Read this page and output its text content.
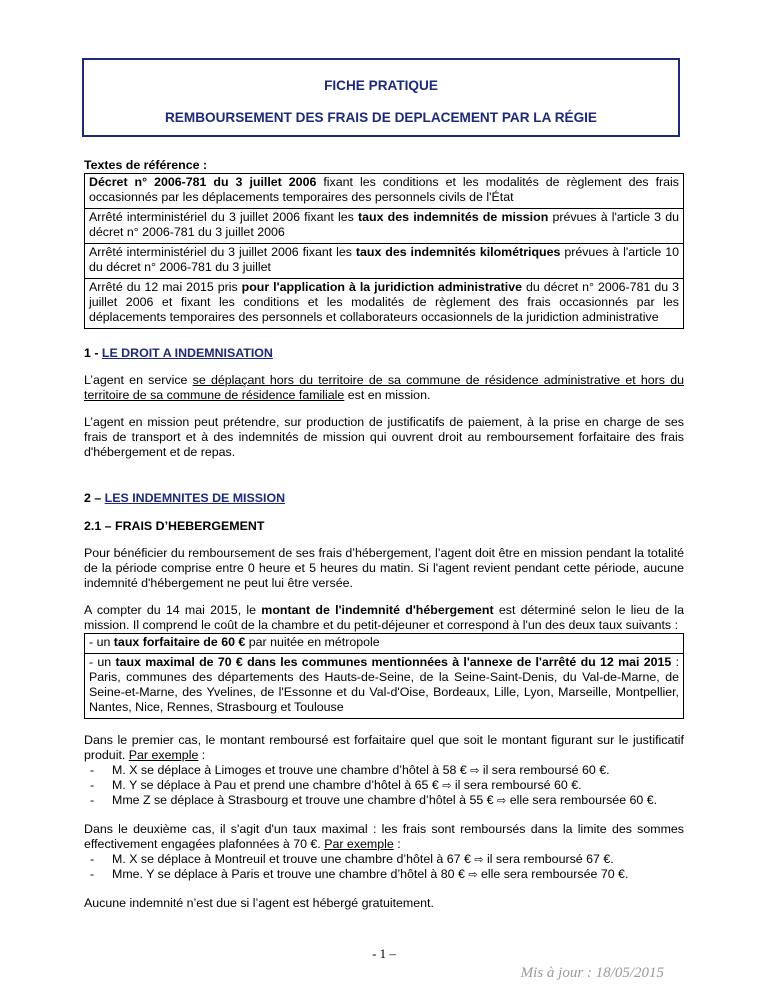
FICHE PRATIQUE
REMBOURSEMENT DES FRAIS DE DEPLACEMENT PAR LA RÉGIE
Textes de référence :
Décret n° 2006-781 du 3 juillet 2006 fixant les conditions et les modalités de règlement des frais occasionnés par les déplacements temporaires des personnels civils de l'État
Arrêté interministériel du 3 juillet 2006 fixant les taux des indemnités de mission prévues à l'article 3 du décret n° 2006-781 du 3 juillet 2006
Arrêté interministériel du 3 juillet 2006 fixant les taux des indemnités kilométriques prévues à l'article 10 du décret n° 2006-781 du 3 juillet
Arrêté du 12 mai 2015 pris pour l'application à la juridiction administrative du décret n° 2006-781 du 3 juillet 2006 et fixant les conditions et les modalités de règlement des frais occasionnés par les déplacements temporaires des personnels et collaborateurs occasionnels de la juridiction administrative
1 - LE DROIT A INDEMNISATION
L’agent en service se déplaçant hors du territoire de sa commune de résidence administrative et hors du territoire de sa commune de résidence familiale est en mission.
L’agent en mission peut prétendre, sur production de justificatifs de paiement, à la prise en charge de ses frais de transport et à des indemnités de mission qui ouvrent droit au remboursement forfaitaire des frais d'hébergement et de repas.
2 – LES INDEMNITES DE MISSION
2.1 – FRAIS D’HEBERGEMENT
Pour bénéficier du remboursement de ses frais d’hébergement, l’agent doit être en mission pendant la totalité de la période comprise entre 0 heure et 5 heures du matin. Si l'agent revient pendant cette période, aucune indemnité d'hébergement ne peut lui être versée.
A compter du 14 mai 2015, le montant de l'indemnité d'hébergement est déterminé selon le lieu de la mission. Il comprend le coût de la chambre et du petit-déjeuner et correspond à l'un des deux taux suivants :
- un taux forfaitaire de 60 € par nuitée en métropole
- un taux maximal de 70 € dans les communes mentionnées à l'annexe de l'arrêté du 12 mai 2015 : Paris, communes des départements des Hauts-de-Seine, de la Seine-Saint-Denis, du Val-de-Marne, de Seine-et-Marne, des Yvelines, de l'Essonne et du Val-d'Oise, Bordeaux, Lille, Lyon, Marseille, Montpellier, Nantes, Nice, Rennes, Strasbourg et Toulouse
Dans le premier cas, le montant remboursé est forfaitaire quel que soit le montant figurant sur le justificatif produit. Par exemple :
- M. X se déplace à Limoges et trouve une chambre d’hôtel à 58 € ⇨ il sera remboursé 60 €.
- M. Y se déplace à Pau et prend une chambre d’hôtel à 65 € ⇨ il sera remboursé 60 €.
- Mme Z se déplace à Strasbourg et trouve une chambre d’hôtel à 55 € ⇨ elle sera remboursée 60 €.
Dans le deuxième cas, il s'agit d'un taux maximal : les frais sont remboursés dans la limite des sommes effectivement engagées plafonnées à 70 €. Par exemple :
- M. X se déplace à Montreuil et trouve une chambre d’hôtel à 67 € ⇨ il sera remboursé 67 €.
- Mme. Y se déplace à Paris et trouve une chambre d’hôtel à 80 € ⇨ elle sera remboursée 70 €.
Aucune indemnité n’est due si l’agent est hébergé gratuitement.
- 1 –
Mis à jour : 18/05/2015
